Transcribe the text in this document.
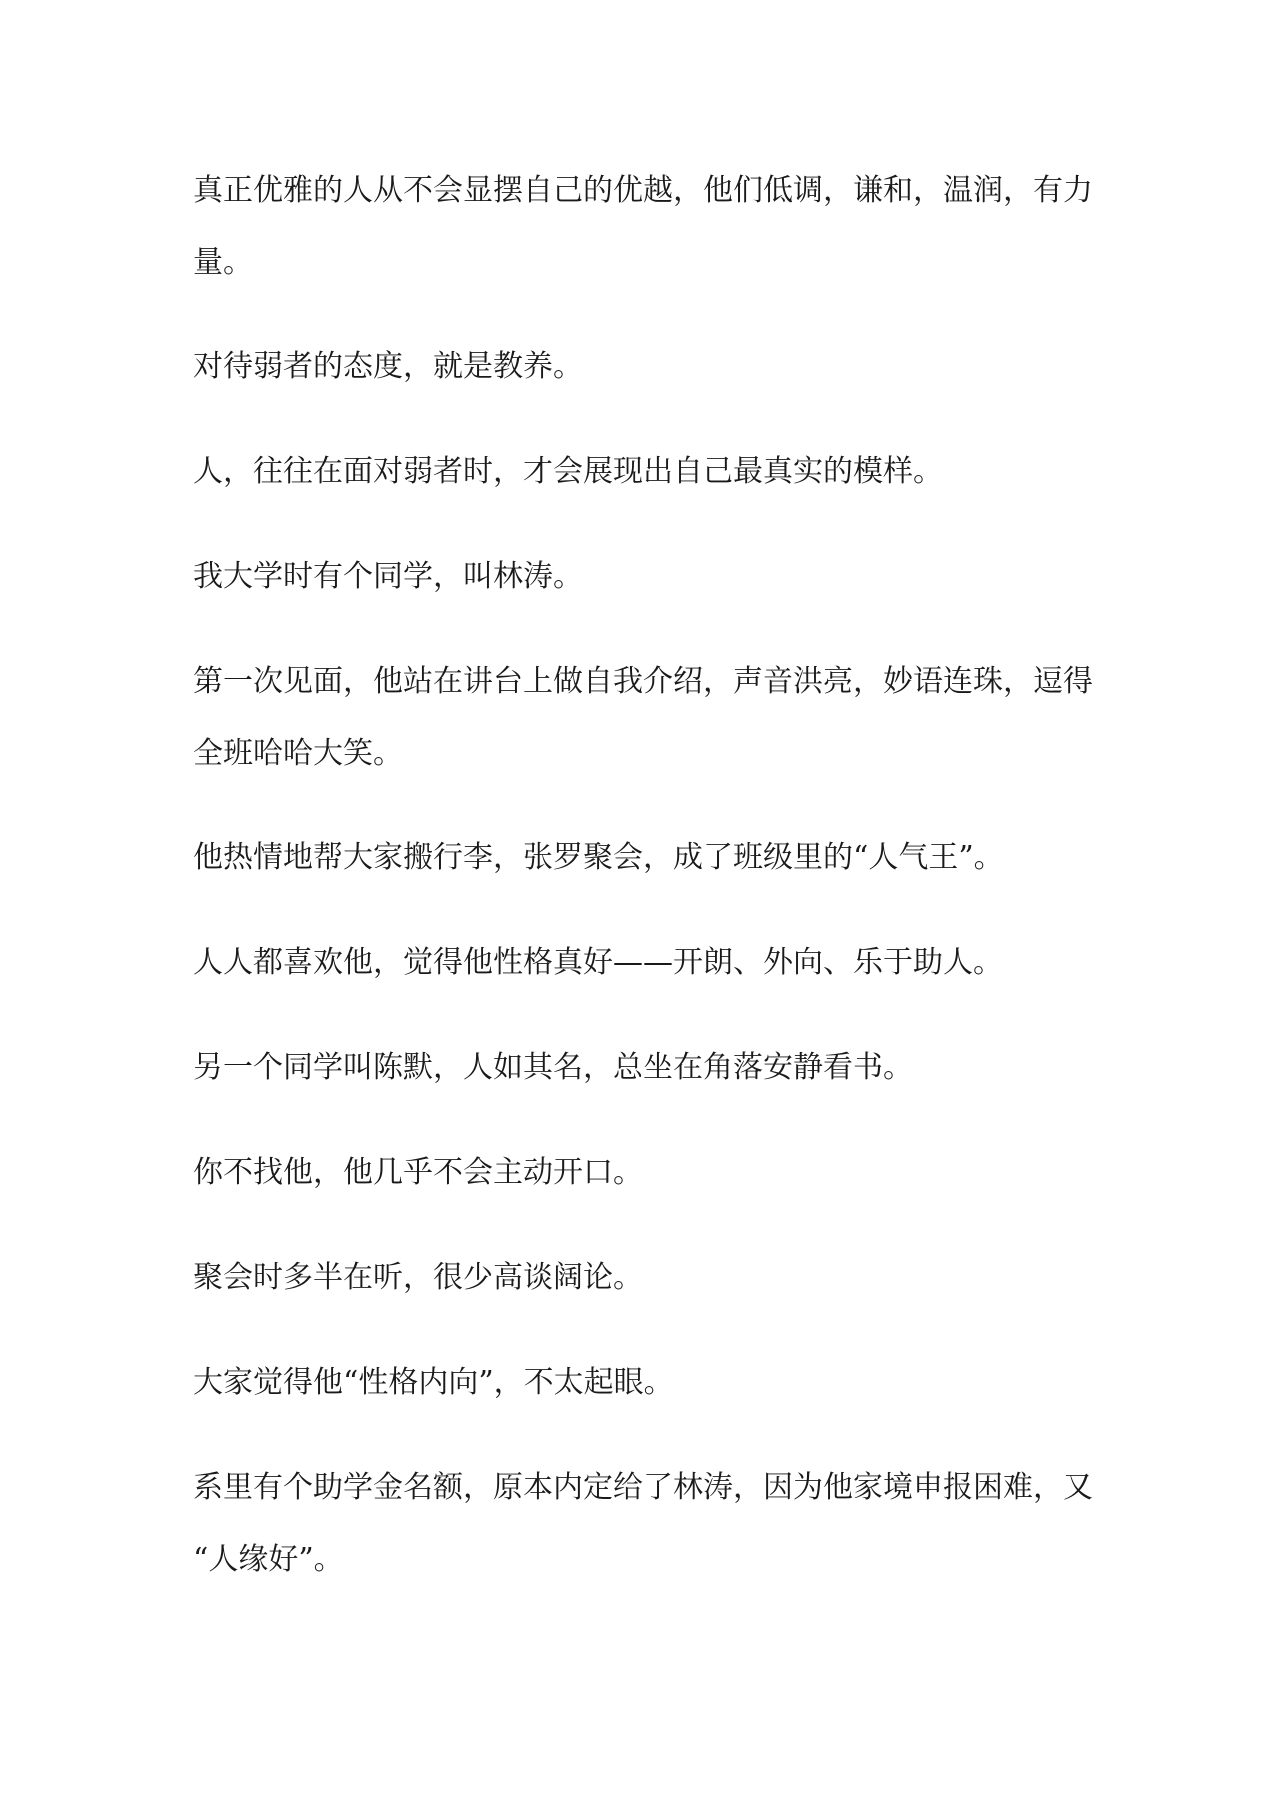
真正优雅的人从不会显摆自己的优越，他们低调，谦和，温润，有力
量。

对待弱者的态度，就是教养。

人，往往在面对弱者时，才会展现出自己最真实的模样。

我大学时有个同学，叫林涛。

第一次见面，他站在讲台上做自我介绍，声音洪亮，妙语连珠，逗得
全班哈哈大笑。

他热情地帮大家搬行李，张罗聚会，成了班级里的“人气王”。

人人都喜欢他，觉得他性格真好——开朗、外向、乐于助人。

另一个同学叫陈默，人如其名，总坐在角落安静看书。

你不找他，他几乎不会主动开口。

聚会时多半在听，很少高谈阔论。

大家觉得他“性格内向”，不太起眼。

系里有个助学金名额，原本内定给了林涛，因为他家境申报困难，又
“人缘好”。
